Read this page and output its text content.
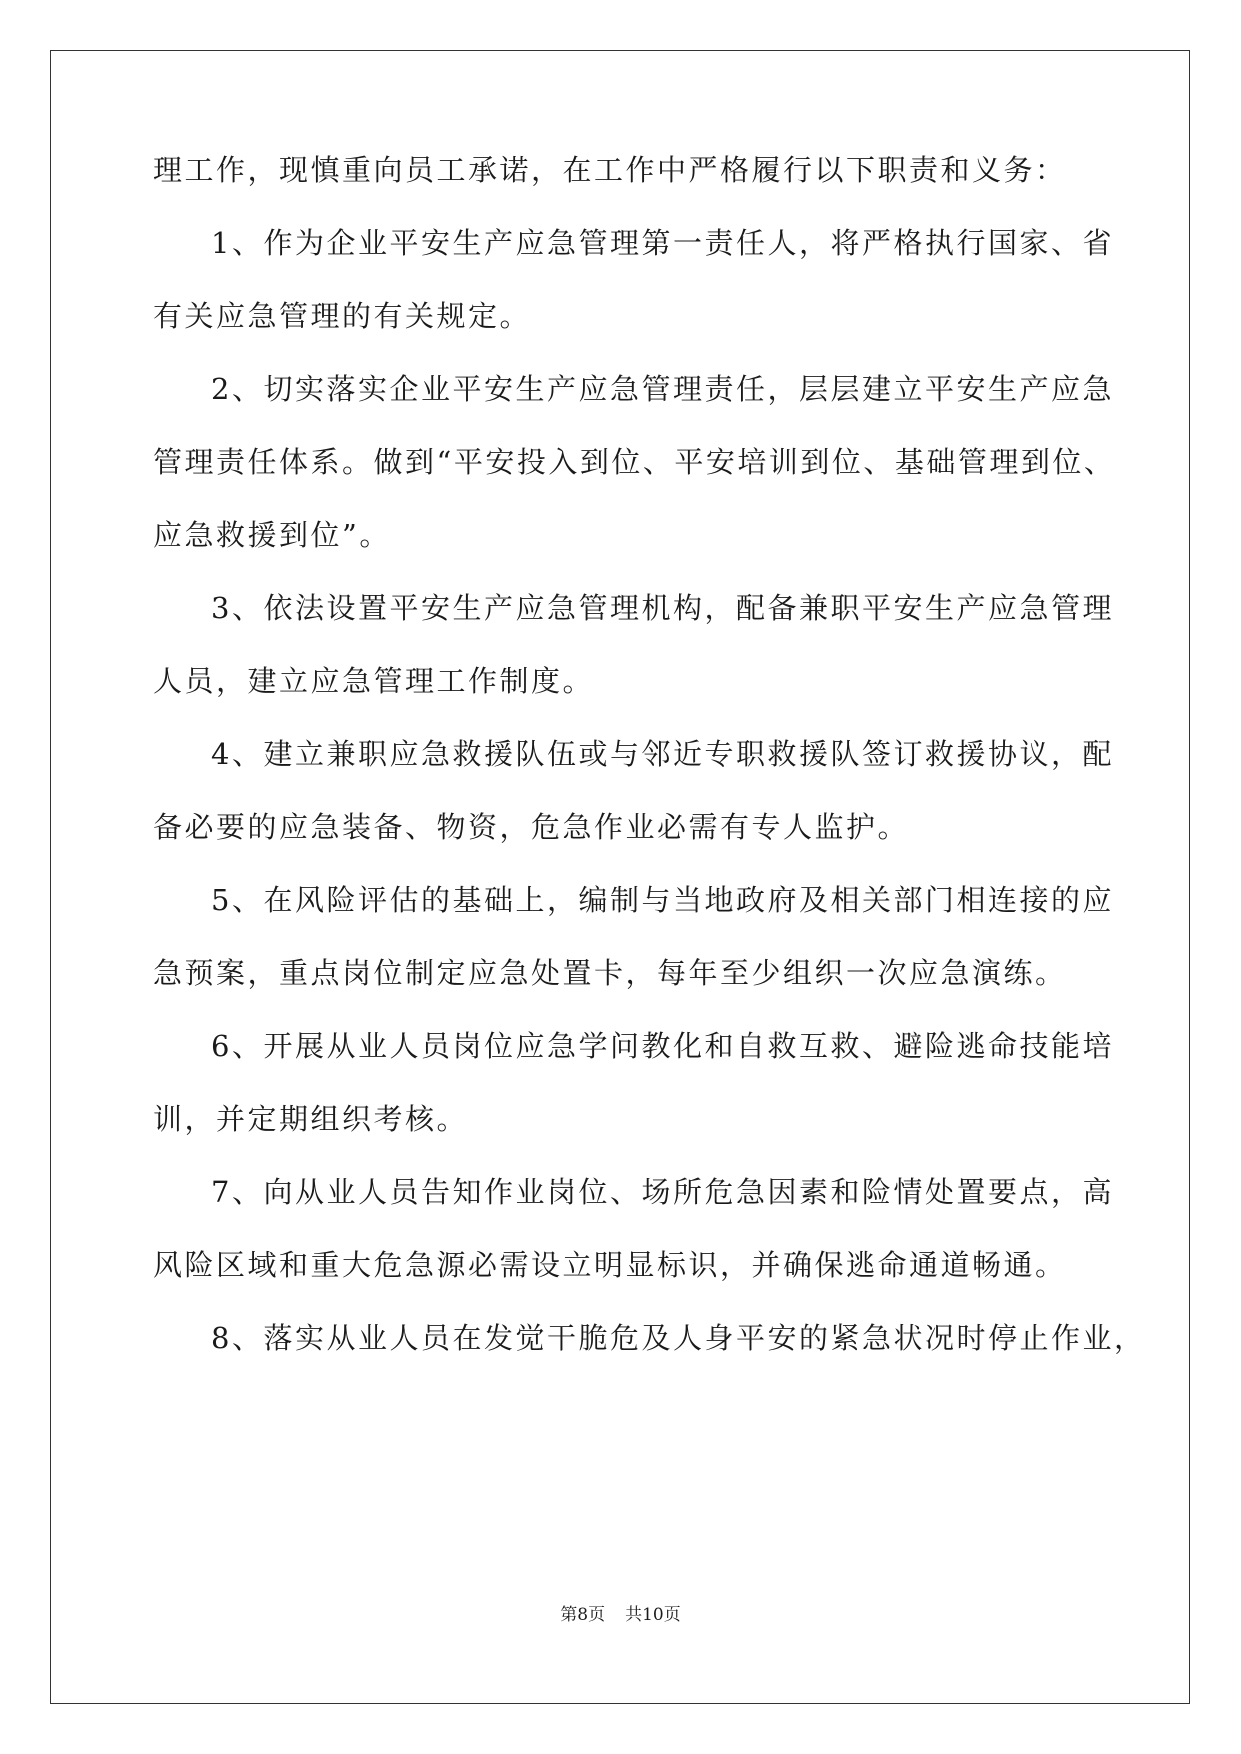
理工作，现慎重向员工承诺，在工作中严格履行以下职责和义务：
1、作为企业平安生产应急管理第一责任人，将严格执行国家、省
有关应急管理的有关规定。
2、切实落实企业平安生产应急管理责任，层层建立平安生产应急
管理责任体系。做到“平安投入到位、平安培训到位、基础管理到位、
应急救援到位”。
3、依法设置平安生产应急管理机构，配备兼职平安生产应急管理
人员，建立应急管理工作制度。
4、建立兼职应急救援队伍或与邻近专职救援队签订救援协议，配
备必要的应急装备、物资，危急作业必需有专人监护。
5、在风险评估的基础上，编制与当地政府及相关部门相连接的应
急预案，重点岗位制定应急处置卡，每年至少组织一次应急演练。
6、开展从业人员岗位应急学问教化和自救互救、避险逃命技能培
训，并定期组织考核。
7、向从业人员告知作业岗位、场所危急因素和险情处置要点，高
风险区域和重大危急源必需设立明显标识，并确保逃命通道畅通。
8、落实从业人员在发觉干脆危及人身平安的紧急状况时停止作业，
第8页 共10页
